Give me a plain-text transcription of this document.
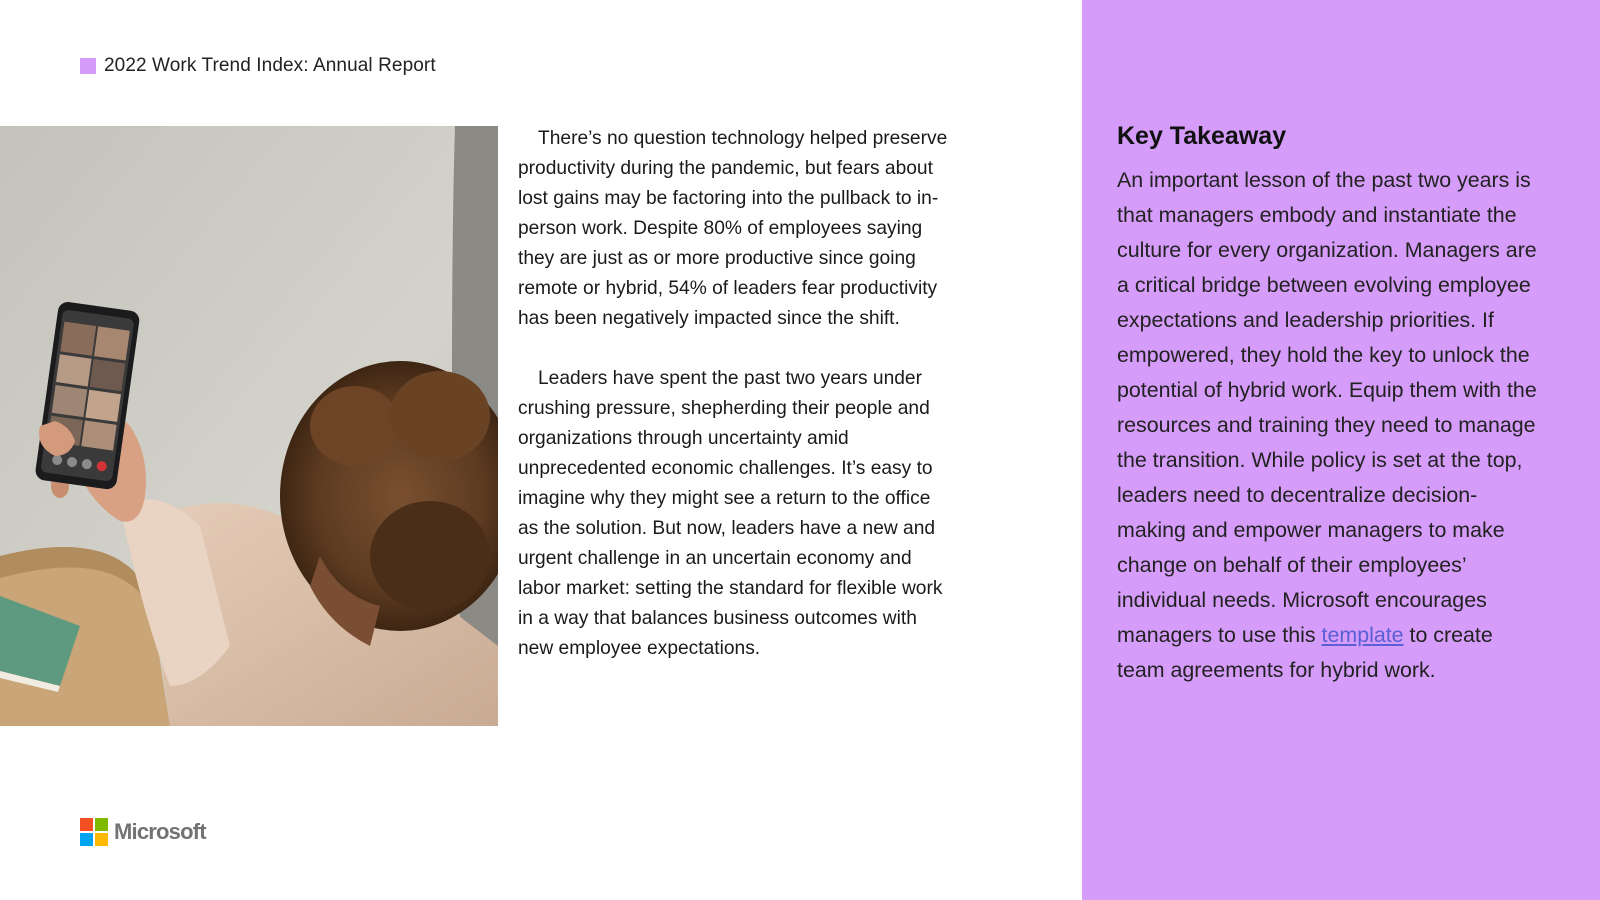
2022 Work Trend Index: Annual Report

There’s no question technology helped preserve productivity during the pandemic, but fears about lost gains may be factoring into the pullback to in-person work. Despite 80% of employees saying they are just as or more productive since going remote or hybrid, 54% of leaders fear productivity has been negatively impacted since the shift.

Leaders have spent the past two years under crushing pressure, shepherding their people and organizations through uncertainty amid unprecedented economic challenges. It’s easy to imagine why they might see a return to the office as the solution. But now, leaders have a new and urgent challenge in an uncertain economy and labor market: setting the standard for flexible work in a way that balances business outcomes with new employee expectations.

Key Takeaway

An important lesson of the past two years is that managers embody and instantiate the culture for every organization. Managers are a critical bridge between evolving employee expectations and leadership priorities. If empowered, they hold the key to unlock the potential of hybrid work. Equip them with the resources and training they need to manage the transition. While policy is set at the top, leaders need to decentralize decision-making and empower managers to make change on behalf of their employees’ individual needs. Microsoft encourages managers to use this template to create team agreements for hybrid work.

Microsoft
